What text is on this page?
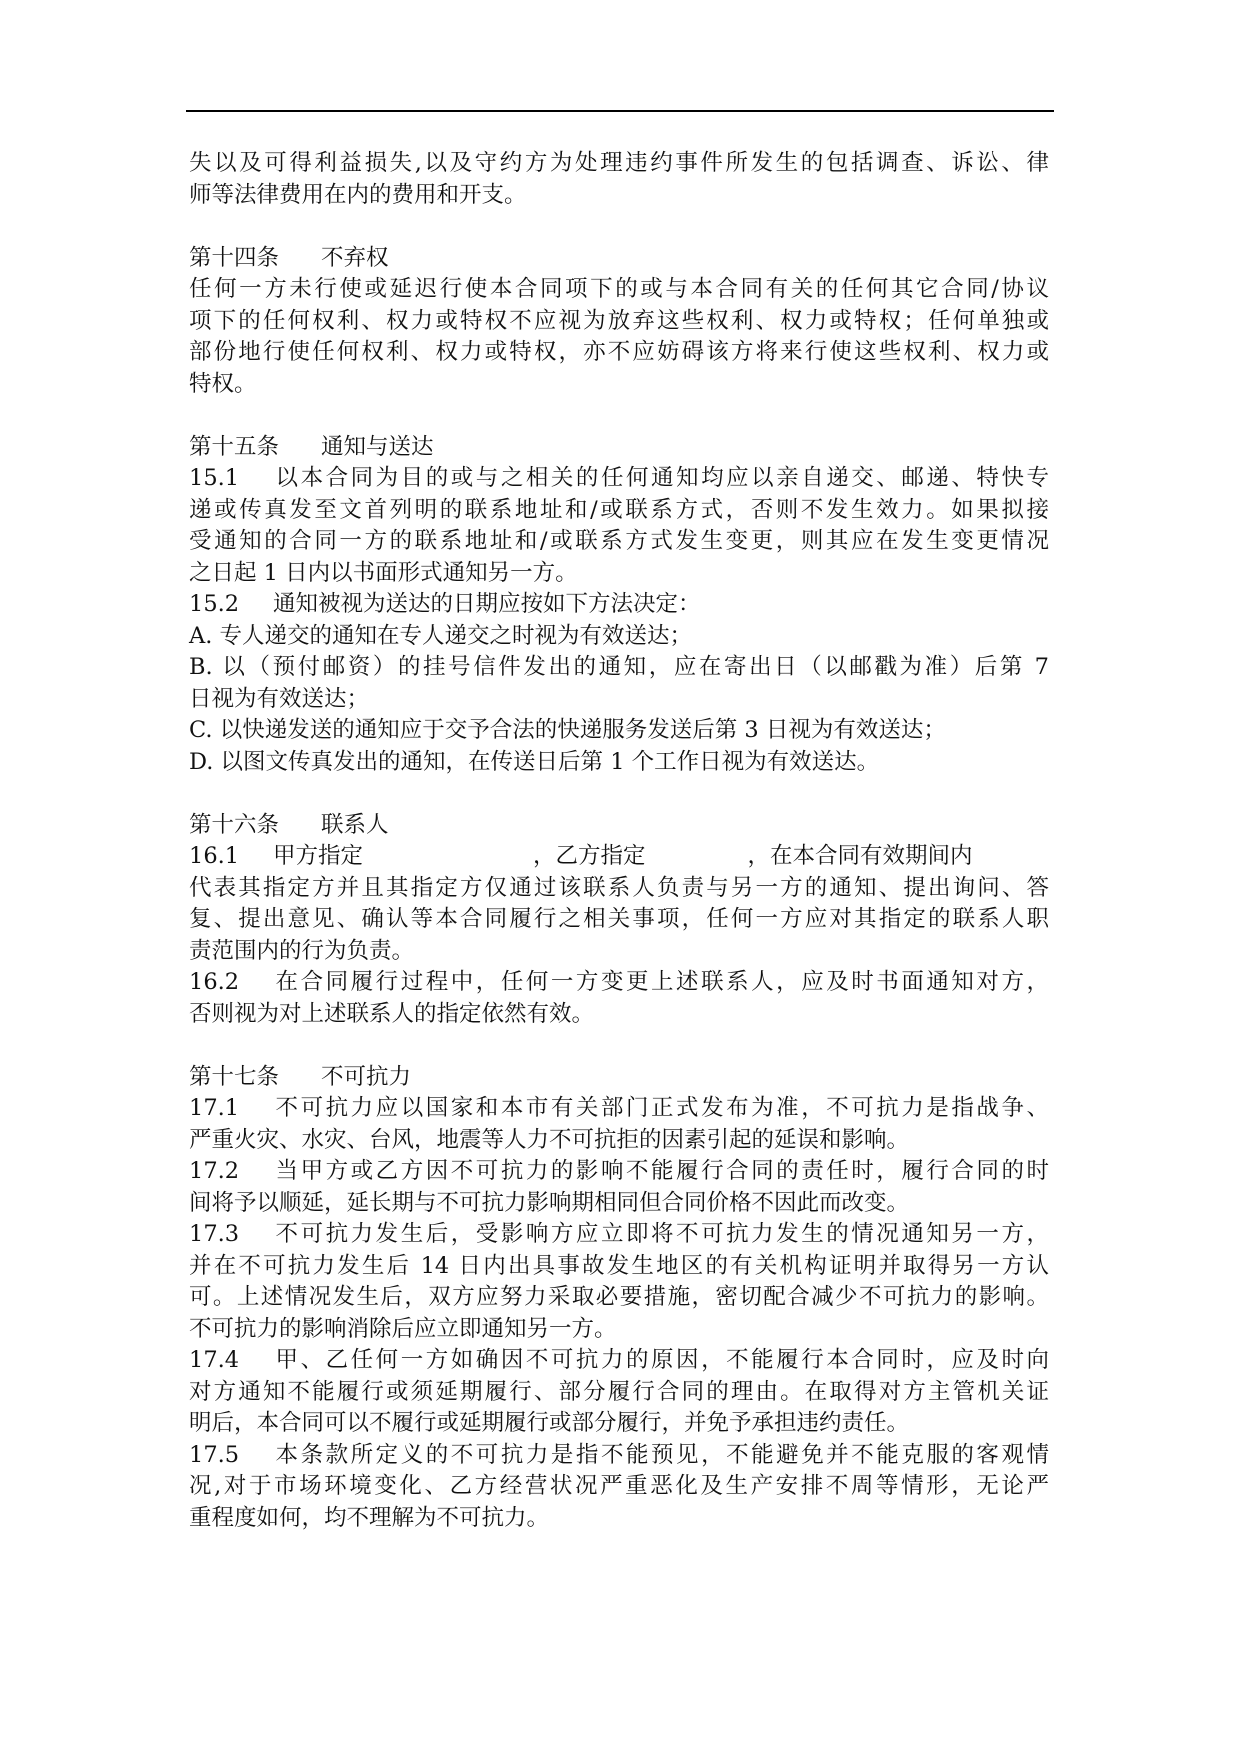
失以及可得利益损失,以及守约方为处理违约事件所发生的包括调查、诉讼、律
师等法律费用在内的费用和开支。
第十四条 不弃权
任何一方未行使或延迟行使本合同项下的或与本合同有关的任何其它合同/协议
项下的任何权利、权力或特权不应视为放弃这些权利、权力或特权；任何单独或
部份地行使任何权利、权力或特权，亦不应妨碍该方将来行使这些权利、权力或
特权。
第十五条 通知与送达
15.1 以本合同为目的或与之相关的任何通知均应以亲自递交、邮递、特快专
递或传真发至文首列明的联系地址和/或联系方式，否则不发生效力。如果拟接
受通知的合同一方的联系地址和/或联系方式发生变更，则其应在发生变更情况
之日起 1 日内以书面形式通知另一方。
15.2 通知被视为送达的日期应按如下方法决定：
A. 专人递交的通知在专人递交之时视为有效送达；
B. 以（预付邮资）的挂号信件发出的通知，应在寄出日（以邮戳为准）后第 7
日视为有效送达；
C. 以快递发送的通知应于交予合法的快递服务发送后第 3 日视为有效送达；
D. 以图文传真发出的通知，在传送日后第 1 个工作日视为有效送达。
第十六条 联系人
16.1 甲方指定	，乙方指定	，在本合同有效期间内
代表其指定方并且其指定方仅通过该联系人负责与另一方的通知、提出询问、答
复、提出意见、确认等本合同履行之相关事项，任何一方应对其指定的联系人职
责范围内的行为负责。
16.2 在合同履行过程中，任何一方变更上述联系人，应及时书面通知对方，
否则视为对上述联系人的指定依然有效。
第十七条 不可抗力
17.1 不可抗力应以国家和本市有关部门正式发布为准，不可抗力是指战争、
严重火灾、水灾、台风，地震等人力不可抗拒的因素引起的延误和影响。
17.2 当甲方或乙方因不可抗力的影响不能履行合同的责任时，履行合同的时
间将予以顺延，延长期与不可抗力影响期相同但合同价格不因此而改变。
17.3 不可抗力发生后，受影响方应立即将不可抗力发生的情况通知另一方，
并在不可抗力发生后 14 日内出具事故发生地区的有关机构证明并取得另一方认
可。上述情况发生后，双方应努力采取必要措施，密切配合减少不可抗力的影响。
不可抗力的影响消除后应立即通知另一方。
17.4 甲、乙任何一方如确因不可抗力的原因，不能履行本合同时，应及时向
对方通知不能履行或须延期履行、部分履行合同的理由。在取得对方主管机关证
明后，本合同可以不履行或延期履行或部分履行，并免予承担违约责任。
17.5 本条款所定义的不可抗力是指不能预见，不能避免并不能克服的客观情
况,对于市场环境变化、乙方经营状况严重恶化及生产安排不周等情形，无论严
重程度如何，均不理解为不可抗力。
